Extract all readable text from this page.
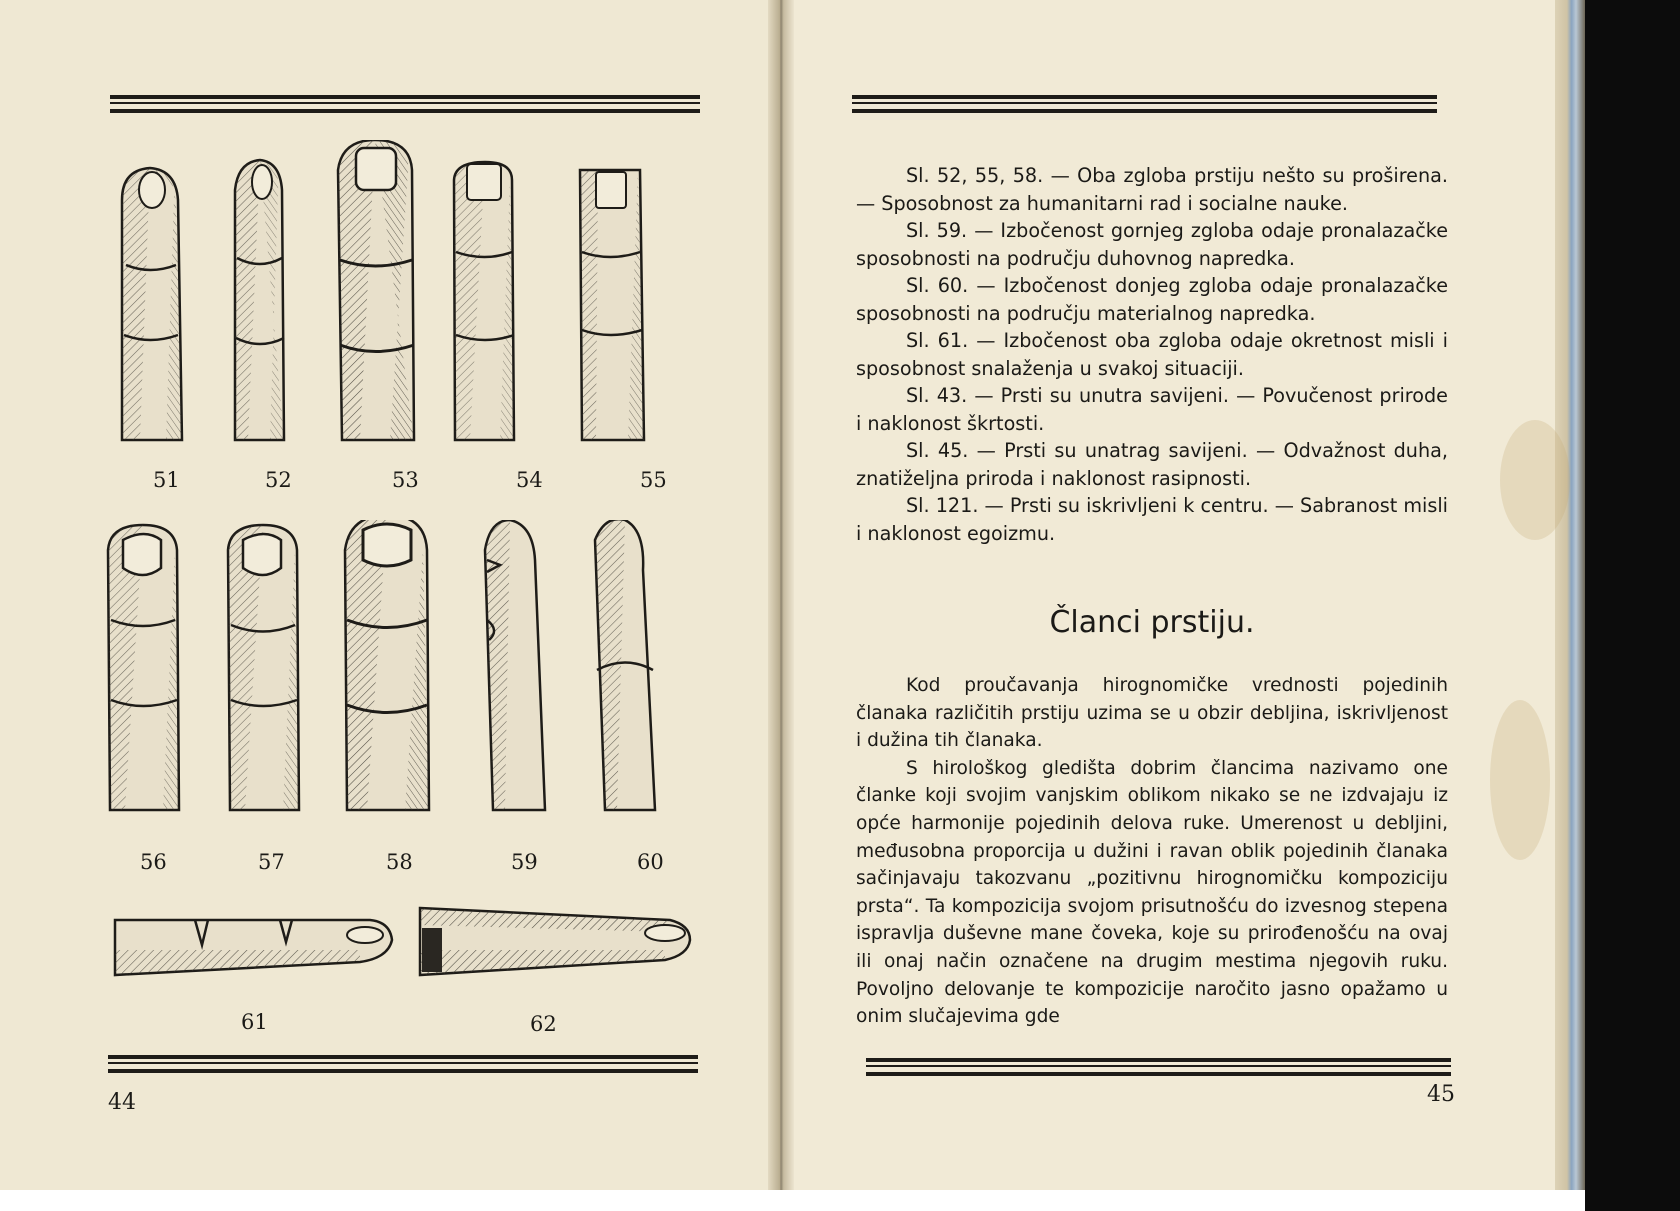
51	52	53	54	55
56	57	58	59	60
61	62
44

Sl. 52, 55, 58. — Oba zgloba prstiju nešto su proširena. — Sposobnost za humanitarni rad i socialne nauke.

Sl. 59. — Izbočenost gornjeg zgloba odaje pronalazačke sposobnosti na području duhovnog napredka.

Sl. 60. — Izbočenost donjeg zgloba odaje pronalazačke sposobnosti na području materialnog napredka.

Sl. 61. — Izbočenost oba zgloba odaje okretnost misli i sposobnost snalaženja u svakoj situaciji.

Sl. 43. — Prsti su unutra savijeni. — Povučenost prirode i naklonost škrtosti.

Sl. 45. — Prsti su unatrag savijeni. — Odvažnost duha, znatiželjna priroda i naklonost rasipnosti.

Sl. 121. — Prsti su iskrivljeni k centru. — Sabranost misli i naklonost egoizmu.

Članci prstiju.

Kod proučavanja hirognomičke vrednosti pojedinih članaka različitih prstiju uzima se u obzir debljina, iskrivljenost i dužina tih članaka.

S hirološkog gledišta dobrim člancima nazivamo one članke koji svojim vanjskim oblikom nikako se ne izdvajaju iz opće harmonije pojedinih delova ruke. Umerenost u debljini, međusobna proporcija u dužini i ravan oblik pojedinih članaka sačinjavaju takozvanu „pozitivnu hirognomičku kompoziciju prsta“. Ta kompozicija svojom prisutnošću do izvesnog stepena ispravlja duševne mane čoveka, koje su prirođenošću na ovaj ili onaj način označene na drugim mestima njegovih ruku. Povoljno delovanje te kompozicije naročito jasno opažamo u onim slučajevima gde

45
